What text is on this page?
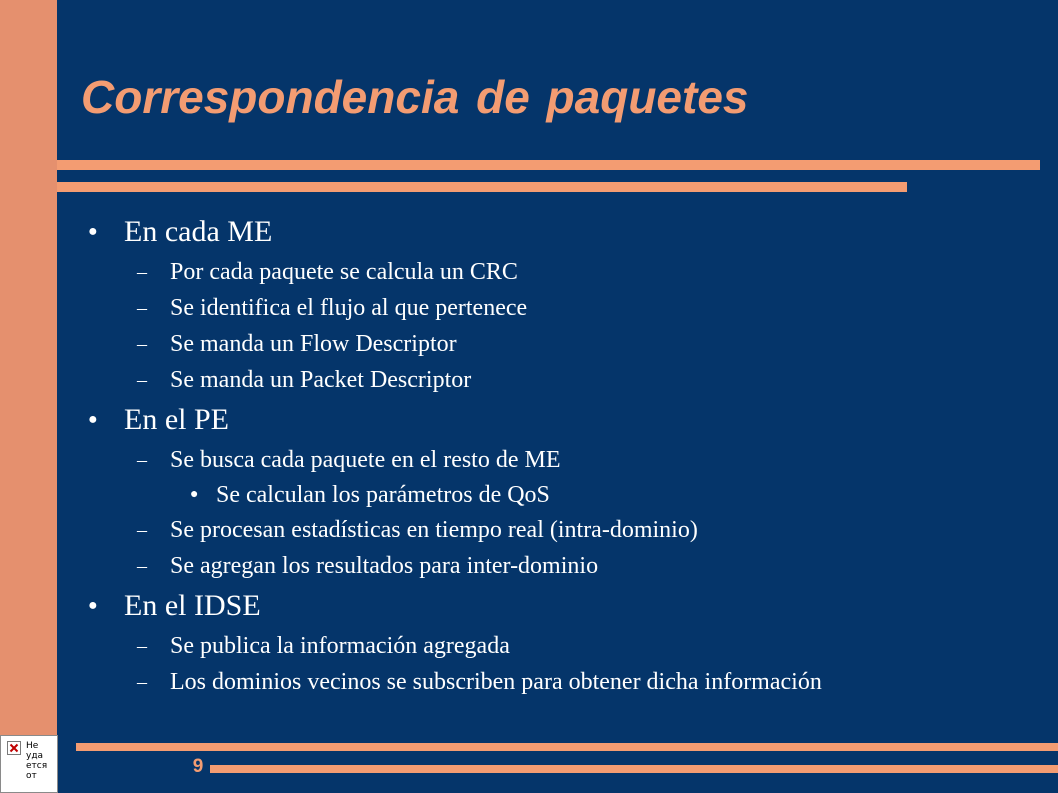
Correspondencia de paquetes
● En cada ME
– Por cada paquete se calcula un CRC
– Se identifica el flujo al que pertenece
– Se manda un Flow Descriptor
– Se manda un Packet Descriptor
● En el PE
– Se busca cada paquete en el resto de ME
● Se calculan los parámetros de QoS
– Se procesan estadísticas en tiempo real (intra-dominio)
– Se agregan los resultados para inter-dominio
● En el IDSE
– Se publica la información agregada
– Los dominios vecinos se subscriben para obtener dicha información
9
Не
уда
ется
от
